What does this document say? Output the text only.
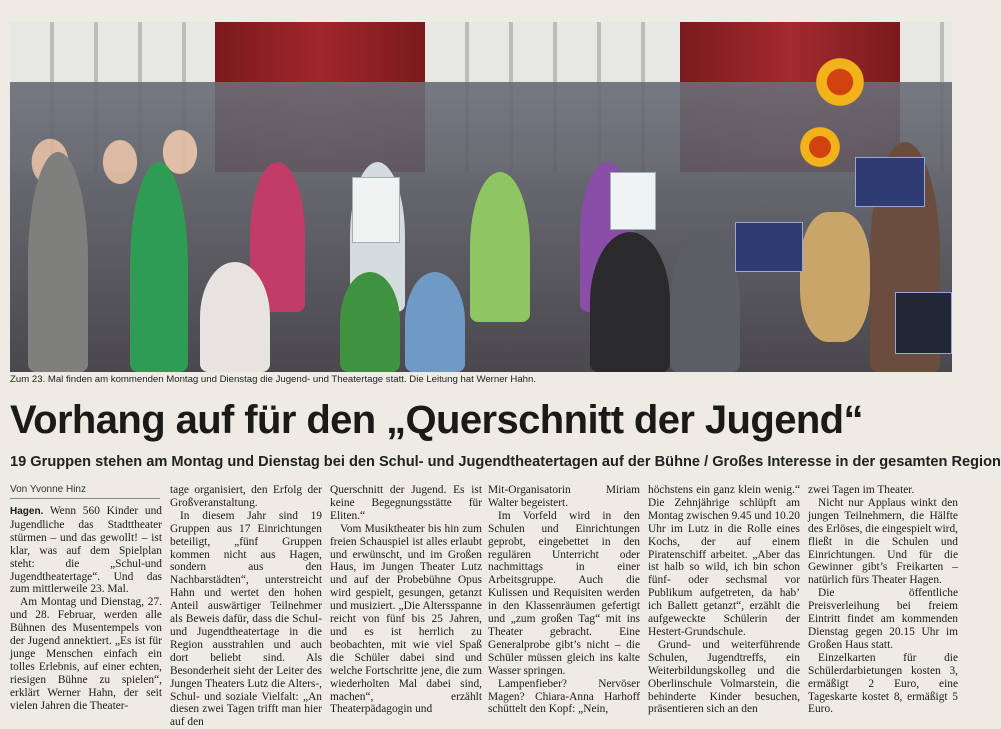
Zum 23. Mal finden am kommenden Montag und Dienstag die Jugend- und Theatertage statt. Die Leitung hat Werner Hahn.
Vorhang auf für den „Querschnitt der Jugend“
19 Gruppen stehen am Montag und Dienstag bei den Schul- und Jugendtheatertagen auf der Bühne / Großes Interesse in der gesamten Region
Von Yvonne Hinz

Hagen. Wenn 560 Kinder und Jugendliche das Stadttheater stürmen – und das gewollt! – ist klar, was auf dem Spielplan steht: die „Schul-und Jugendtheatertage“. Und das zum mittlerweile 23. Mal.

Am Montag und Dienstag, 27. und 28. Februar, werden alle Bühnen des Musentempels von der Jugend annektiert. „Es ist für junge Menschen einfach ein tolles Erlebnis, auf einer echten, riesigen Bühne zu spielen“, erklärt Werner Hahn, der seit vielen Jahren die Theater-

tage organisiert, den Erfolg der Großveranstaltung.

In diesem Jahr sind 19 Gruppen aus 17 Einrichtungen beteiligt, „fünf Gruppen kommen nicht aus Hagen, sondern aus den Nachbarstädten“, unterstreicht Hahn und wertet den hohen Anteil auswärtiger Teilnehmer als Beweis dafür, dass die Schul- und Jugendtheatertage in die Region ausstrahlen und auch dort beliebt sind. Als Besonderheit sieht der Leiter des Jungen Theaters Lutz die Alters-, Schul- und soziale Vielfalt: „An diesen zwei Tagen trifft man hier auf den

Querschnitt der Jugend. Es ist keine Begegnungsstätte für Eliten.“

Vom Musiktheater bis hin zum freien Schauspiel ist alles erlaubt und erwünscht, und im Großen Haus, im Jungen Theater Lutz und auf der Probebühne Opus wird gespielt, gesungen, getanzt und musiziert. „Die Altersspanne reicht von fünf bis 25 Jahren, und es ist herrlich zu beobachten, mit wie viel Spaß die Schüler dabei sind und welche Fortschritte jene, die zum wiederholten Mal dabei sind, machen“, erzählt Theaterpädagogin und

Mit-Organisatorin Miriam Walter begeistert.

Im Vorfeld wird in den Schulen und Einrichtungen geprobt, eingebettet in den regulären Unterricht oder nachmittags in einer Arbeitsgruppe. Auch die Kulissen und Requisiten werden in den Klassenräumen gefertigt und „zum großen Tag“ mit ins Theater gebracht. Eine Generalprobe gibt’s nicht – die Schüler müssen gleich ins kalte Wasser springen.

Lampenfieber? Nervöser Magen? Chiara-Anna Harhoff schüttelt den Kopf: „Nein,

höchstens ein ganz klein wenig.“ Die Zehnjährige schlüpft am Montag zwischen 9.45 und 10.20 Uhr im Lutz in die Rolle eines Kochs, der auf einem Piratenschiff arbeitet. „Aber das ist halb so wild, ich bin schon fünf- oder sechsmal vor Publikum aufgetreten, da hab’ ich Ballett getanzt“, erzählt die aufgeweckte Schülerin der Hestert-Grundschule.

Grund- und weiterführende Schulen, Jugendtreffs, ein Weiterbildungskolleg und die Oberlinschule Volmarstein, die behinderte Kinder besuchen, präsentieren sich an den

zwei Tagen im Theater.

Nicht nur Applaus winkt den jungen Teilnehmern, die Hälfte des Erlöses, die eingespielt wird, fließt in die Schulen und Einrichtungen. Und für die Gewinner gibt’s Freikarten – natürlich fürs Theater Hagen.

Die öffentliche Preisverleihung bei freiem Eintritt findet am kommenden Dienstag gegen 20.15 Uhr im Großen Haus statt.

Einzelkarten für die Schülerdarbietungen kosten 3, ermäßigt 2 Euro, eine Tageskarte kostet 8, ermäßigt 5 Euro.
